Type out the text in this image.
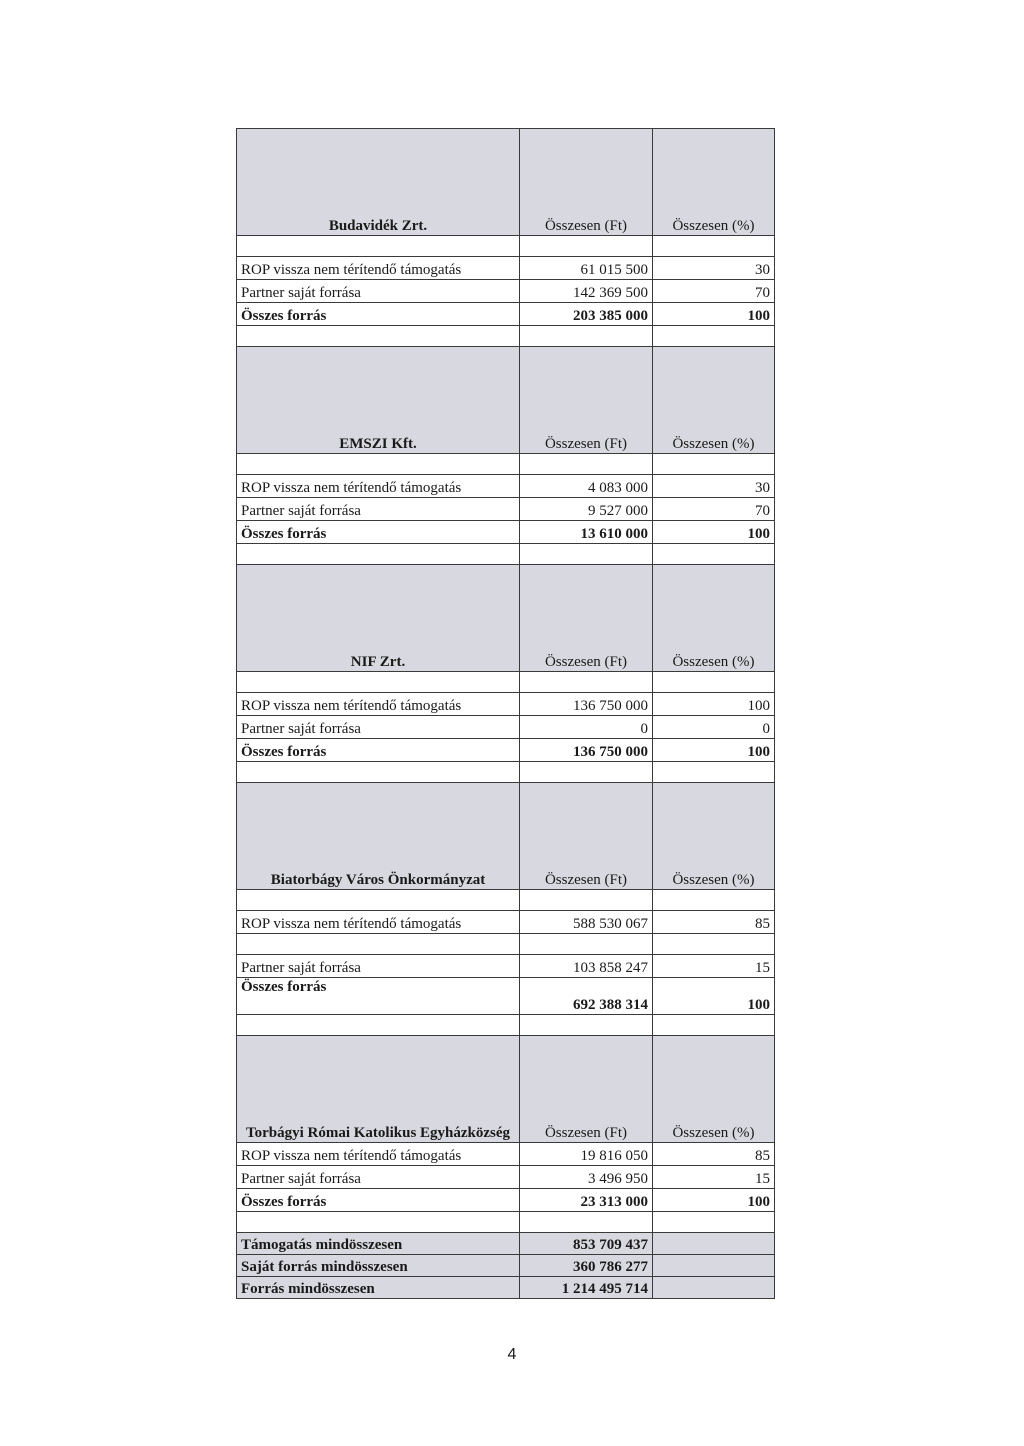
Budavidék Zrt.	Összesen (Ft)	Összesen (%)

ROP vissza nem térítendő támogatás	61 015 500	30
Partner saját forrása	142 369 500	70
Összes forrás	203 385 000	100

EMSZI Kft.	Összesen (Ft)	Összesen (%)

ROP vissza nem térítendő támogatás	4 083 000	30
Partner saját forrása	9 527 000	70
Összes forrás	13 610 000	100

NIF Zrt.	Összesen (Ft)	Összesen (%)

ROP vissza nem térítendő támogatás	136 750 000	100
Partner saját forrása	0	0
Összes forrás	136 750 000	100

Biatorbágy Város Önkormányzat	Összesen (Ft)	Összesen (%)

ROP vissza nem térítendő támogatás	588 530 067	85

Partner saját forrása	103 858 247	15
Összes forrás	692 388 314	100

Torbágyi Római Katolikus Egyházközség	Összesen (Ft)	Összesen (%)
ROP vissza nem térítendő támogatás	19 816 050	85
Partner saját forrása	3 496 950	15
Összes forrás	23 313 000	100

Támogatás mindösszesen	853 709 437	
Saját forrás mindösszesen	360 786 277	
Forrás mindösszesen	1 214 495 714	
4
